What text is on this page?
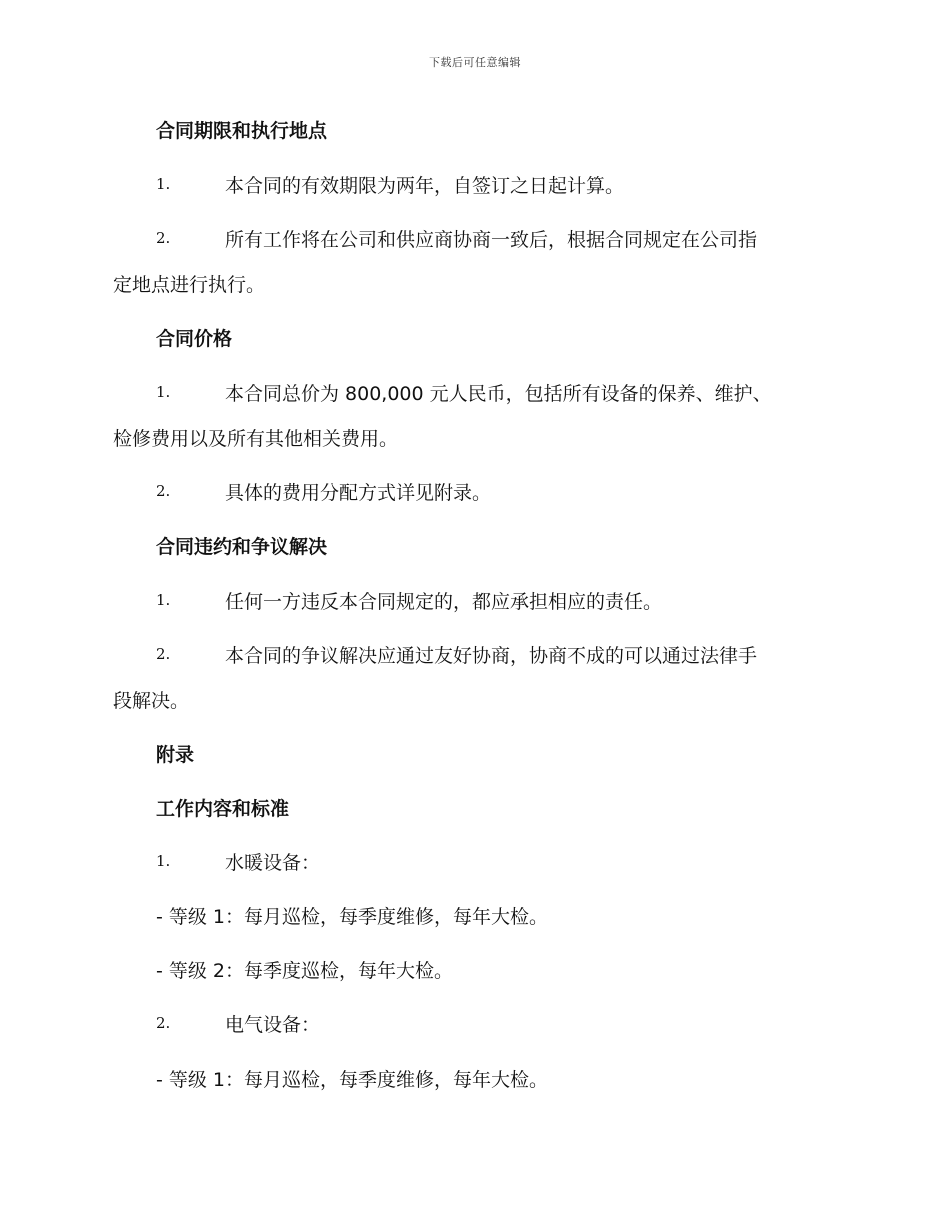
下载后可任意编辑
合同期限和执行地点
1.	本合同的有效期限为两年，自签订之日起计算。
2.	所有工作将在公司和供应商协商一致后，根据合同规定在公司指
定地点进行执行。
合同价格
1.	本合同总价为 800,000 元人民币，包括所有设备的保养、维护、
检修费用以及所有其他相关费用。
2.	具体的费用分配方式详见附录。
合同违约和争议解决
1.	任何一方违反本合同规定的，都应承担相应的责任。
2.	本合同的争议解决应通过友好协商，协商不成的可以通过法律手
段解决。
附录
工作内容和标准
1.	水暖设备：
- 等级 1：每月巡检，每季度维修，每年大检。
- 等级 2：每季度巡检，每年大检。
2.	电气设备：
- 等级 1：每月巡检，每季度维修，每年大检。
